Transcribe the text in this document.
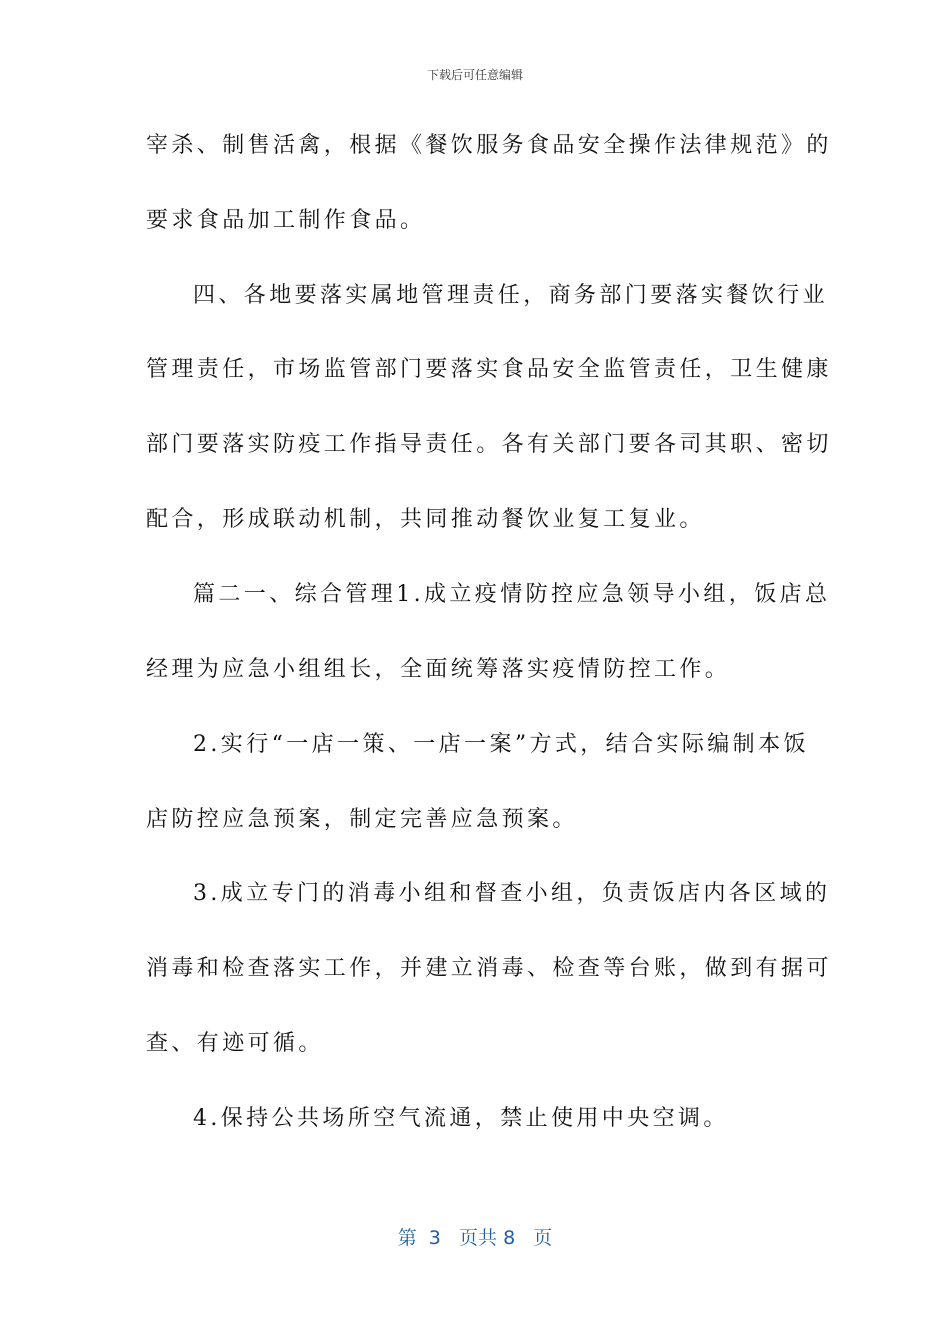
下载后可任意编辑
宰杀、制售活禽，根据《餐饮服务食品安全操作法律规范》的
要求食品加工制作食品。
四、各地要落实属地管理责任，商务部门要落实餐饮行业
管理责任，市场监管部门要落实食品安全监管责任，卫生健康
部门要落实防疫工作指导责任。各有关部门要各司其职、密切
配合，形成联动机制，共同推动餐饮业复工复业。
篇二一、综合管理1.成立疫情防控应急领导小组，饭店总
经理为应急小组组长，全面统筹落实疫情防控工作。
2.实行“一店一策、一店一案”方式，结合实际编制本饭
店防控应急预案，制定完善应急预案。
3.成立专门的消毒小组和督查小组，负责饭店内各区域的
消毒和检查落实工作，并建立消毒、检查等台账，做到有据可
查、有迹可循。
4.保持公共场所空气流通，禁止使用中央空调。
第 3 页共 8 页
